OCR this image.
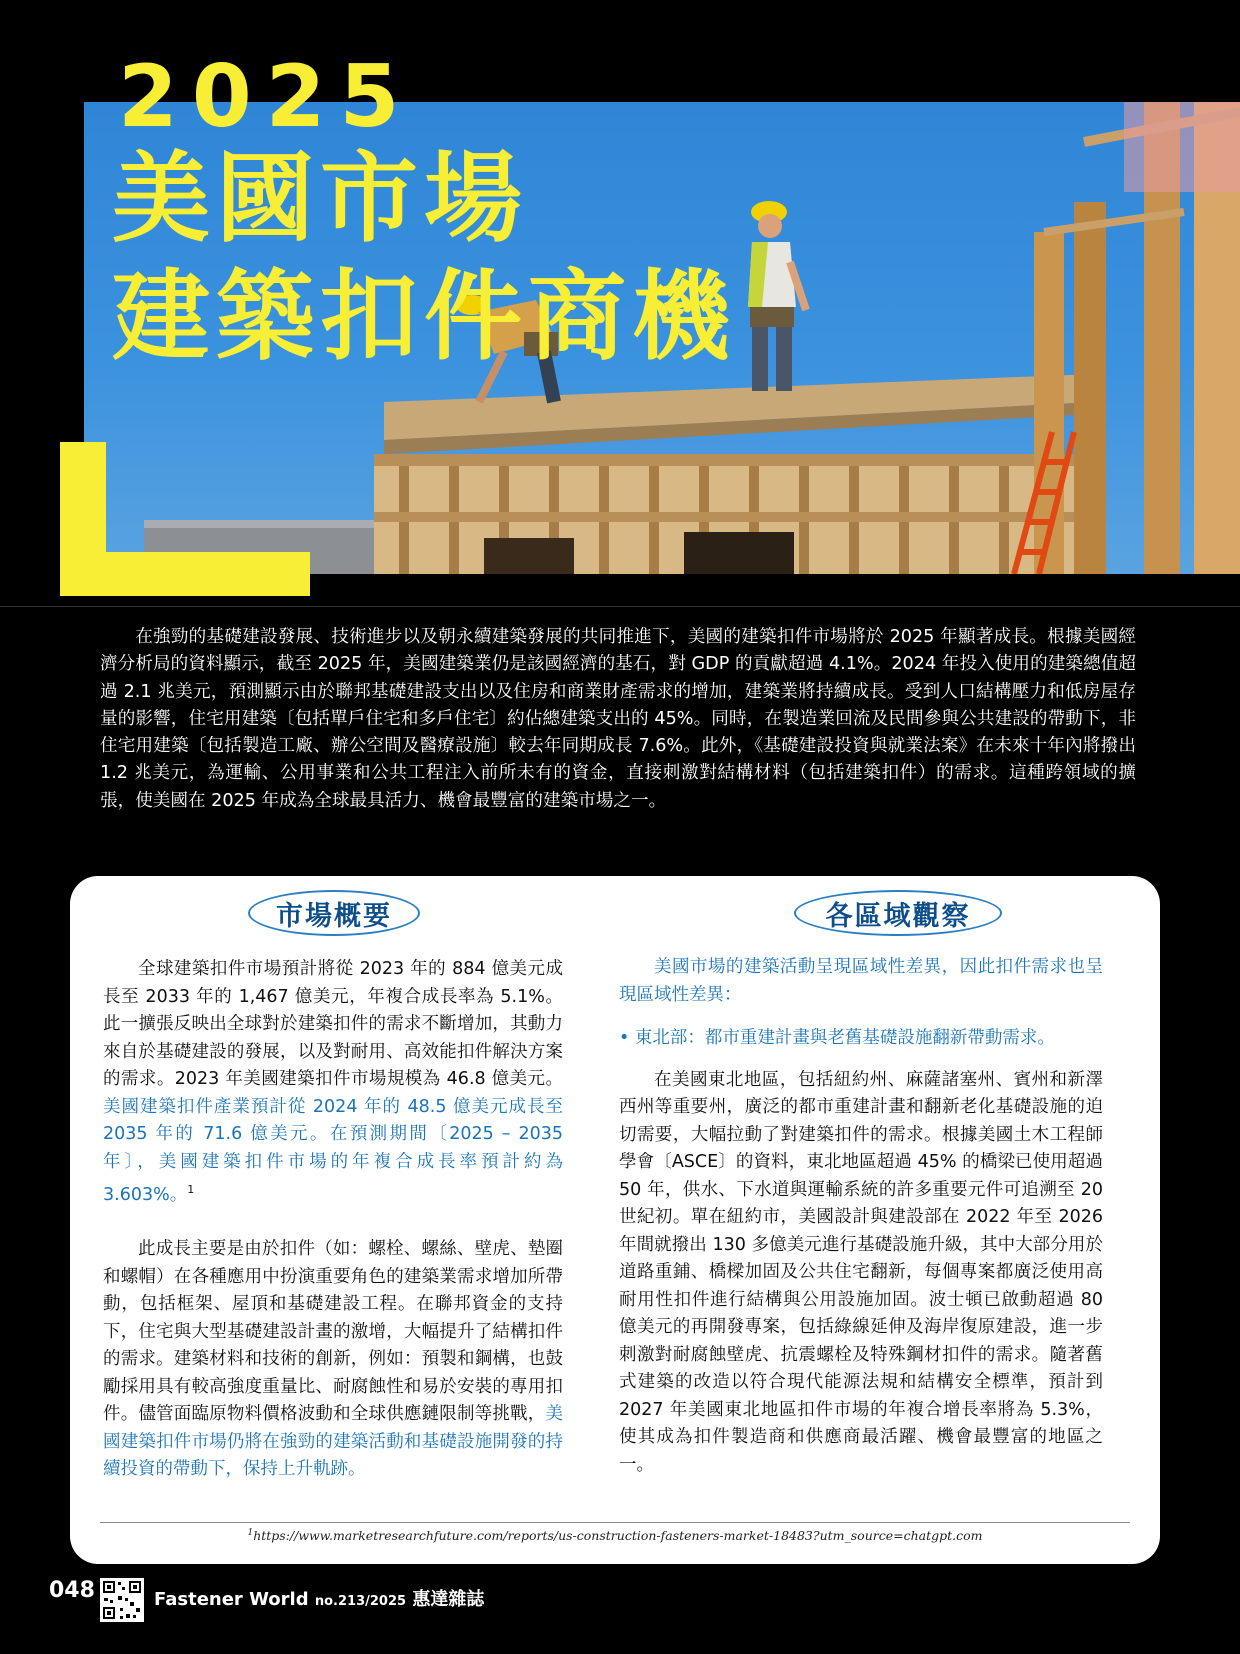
2025
美國市場
建築扣件商機

在強勁的基礎建設發展、技術進步以及朝永續建築發展的共同推進下，美國的建築扣件市場將於 2025 年顯著成長。根據美國經濟分析局的資料顯示，截至 2025 年，美國建築業仍是該國經濟的基石，對 GDP 的貢獻超過 4.1%。2024 年投入使用的建築總值超過 2.1 兆美元，預測顯示由於聯邦基礎建設支出以及住房和商業財產需求的增加，建築業將持續成長。受到人口結構壓力和低房屋存量的影響，住宅用建築〔包括單戶住宅和多戶住宅〕約佔總建築支出的 45%。同時，在製造業回流及民間參與公共建設的帶動下，非住宅用建築〔包括製造工廠、辦公空間及醫療設施〕較去年同期成長 7.6%。此外，《基礎建設投資與就業法案》在未來十年內將撥出 1.2 兆美元，為運輸、公用事業和公共工程注入前所未有的資金，直接刺激對結構材料（包括建築扣件）的需求。這種跨領域的擴張，使美國在 2025 年成為全球最具活力、機會最豐富的建築市場之一。

市場概要	各區域觀察

全球建築扣件市場預計將從 2023 年的 884 億美元成長至 2033 年的 1,467 億美元，年複合成長率為 5.1%。此一擴張反映出全球對於建築扣件的需求不斷增加，其動力來自於基礎建設的發展，以及對耐用、高效能扣件解決方案的需求。2023 年美國建築扣件市場規模為 46.8 億美元。美國建築扣件產業預計從 2024 年的 48.5 億美元成長至 2035 年的 71.6 億美元。在預測期間〔2025 – 2035 年〕，美國建築扣件市場的年複合成長率預計約為 3.603%。$^1$

此成長主要是由於扣件（如：螺栓、螺絲、壁虎、墊圈和螺帽）在各種應用中扮演重要角色的建築業需求增加所帶動，包括框架、屋頂和基礎建設工程。在聯邦資金的支持下，住宅與大型基礎建設計畫的激增，大幅提升了結構扣件的需求。建築材料和技術的創新，例如：預製和鋼構，也鼓勵採用具有較高強度重量比、耐腐蝕性和易於安裝的專用扣件。儘管面臨原物料價格波動和全球供應鏈限制等挑戰，美國建築扣件市場仍將在強勁的建築活動和基礎設施開發的持續投資的帶動下，保持上升軌跡。

美國市場的建築活動呈現區域性差異，因此扣件需求也呈現區域性差異：

• 東北部：都市重建計畫與老舊基礎設施翻新帶動需求。

在美國東北地區，包括紐約州、麻薩諸塞州、賓州和新澤西州等重要州，廣泛的都市重建計畫和翻新老化基礎設施的迫切需要，大幅拉動了對建築扣件的需求。根據美國土木工程師學會〔ASCE〕的資料，東北地區超過 45% 的橋梁已使用超過 50 年，供水、下水道與運輸系統的許多重要元件可追溯至 20 世紀初。單在紐約市，美國設計與建設部在 2022 年至 2026 年間就撥出 130 多億美元進行基礎設施升級，其中大部分用於道路重鋪、橋樑加固及公共住宅翻新，每個專案都廣泛使用高耐用性扣件進行結構與公用設施加固。波士頓已啟動超過 80 億美元的再開發專案，包括綠線延伸及海岸復原建設，進一步刺激對耐腐蝕壁虎、抗震螺栓及特殊鋼材扣件的需求。隨著舊式建築的改造以符合現代能源法規和結構安全標準，預計到 2027 年美國東北地區扣件市場的年複合增長率將為 5.3%，使其成為扣件製造商和供應商最活躍、機會最豐富的地區之一。

$^1$https://www.marketresearchfuture.com/reports/us-construction-fasteners-market-18483?utm_source=chatgpt.com
048	Fastener World no.213/2025 惠達雜誌
